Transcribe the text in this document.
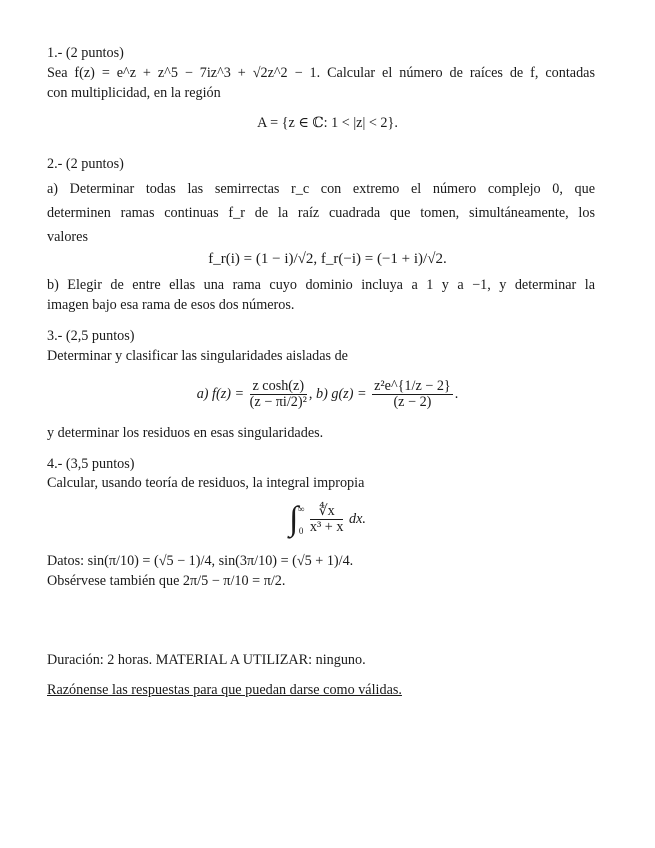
1.- (2 puntos)
Sea f(z) = e^z + z^5 − 7iz^3 + √2z^2 − 1. Calcular el número de raíces de f, contadas
con multiplicidad, en la región
A = {z ∈ ℂ: 1 < |z| < 2}.
2.- (2 puntos)
a) Determinar todas las semirrectas r_c con extremo el número complejo 0, que
determinen ramas continuas f_r de la raíz cuadrada que tomen, simultáneamente, los
valores
f_r(i) = (1 − i)/√2, f_r(−i) = (−1 + i)/√2.
b) Elegir de entre ellas una rama cuyo dominio incluya a 1 y a −1, y determinar la
imagen bajo esa rama de esos dos números.
3.- (2,5 puntos)
Determinar y clasificar las singularidades aisladas de
a) $f(z) = \frac{\text{z cosh(z)}}{\text{(z − πi/2)²}}$ , b) $g(z) = \frac{\text{z²e\textasciicircum{}\{1/z − 2\}}}{(z - 2)}$ .
y determinar los residuos en esas singularidades.
4.- (3,5 puntos)
Calcular, usando teoría de residuos, la integral impropia
∫ ∞
0
$\frac{∜x}{\text{x³ + x}}$ dx.
Datos: sin(π/10) = (√5 − 1)/4, sin(3π/10) = (√5 + 1)/4.
Obsérvese también que 2π/5 − π/10 = π/2.
Duración: 2 horas. MATERIAL A UTILIZAR: ninguno.
Razónense las respuestas para que puedan darse como válidas.
